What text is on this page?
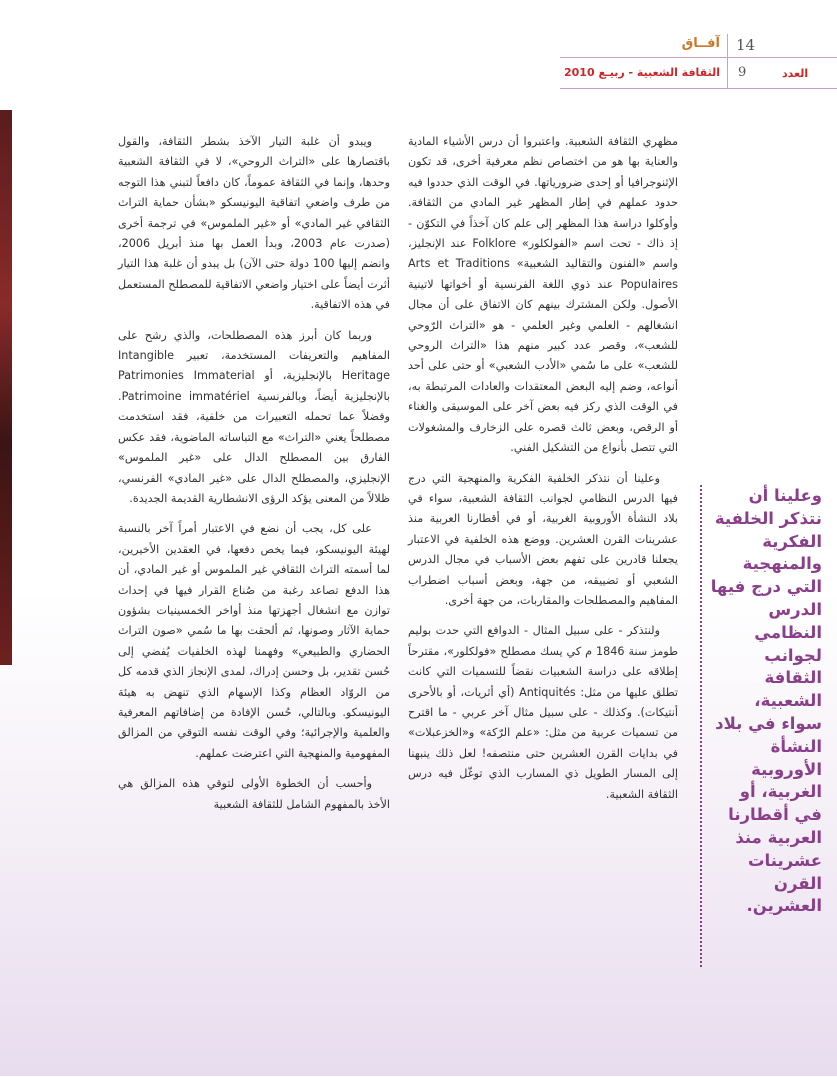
آفــاق 14
الثقافة الشعبية - ربيـع 2010 9	العدد

مظهري الثقافة الشعبية. واعتبروا أن درس الأشياء المادية والعناية بها هو من اختصاص نظم معرفية أخرى، قد تكون الإثنوجرافيا أو إحدى ضرورياتها. في الوقت الذي حددوا فيه حدود عملهم في إطار المظهر غير المادي من الثقافة. وأوكلوا دراسة هذا المظهر إلى علم كان آخذاً في التكوّن - إذ ذاك - تحت اسم «الفولكلور» Folklore عند الإنجليز، واسم «الفنون والتقاليد الشعبية» Arts et Traditions Populaires عند ذوي اللغة الفرنسية أو أخواتها لاتينية الأصول. ولكن المشترك بينهم كان الاتفاق على أن مجال انشغالهم - العلمي وغير العلمي - هو «التراث الرّوحي للشعب»، وقصر عدد كبير منهم هذا «التراث الروحي للشعب» على ما سُمي «الأدب الشعبي» أو حتى على أحد أنواعه، وضم إليه البعض المعتقدات والعادات المرتبطة به، في الوقت الذي ركز فيه بعض آخر على الموسيقى والغناء أو الرقص، وبعض ثالث قصره على الزخارف والمشغولات التي تتصل بأنواع من التشكيل الفني.

وعلينا أن نتذكر الخلفية الفكرية والمنهجية التي درج فيها الدرس النظامي لجوانب الثقافة الشعبية، سواء في بلاد النشأة الأوروبية الغربية، أو في أقطارنا العربية منذ عشرينات القرن العشرين. ووضع هذه الخلفية في الاعتبار يجعلنا قادرين على تفهم بعض الأسباب في مجال الدرس الشعبي أو تضييقه، من جهة، وبعض أسباب اضطراب المفاهيم والمصطلحات والمقاربات، من جهة أخرى.

ولنتذكر - على سبيل المثال - الدوافع التي حدت بوليم طومز سنة 1846 م كي يسك مصطلح «فولكلور»، مقترحاً إطلاقه على دراسة الشعبيات نقضاً للتسميات التي كانت تطلق عليها من مثل: Antiquités (أي أثريات، أو بالأحرى أنتيكات). وكذلك - على سبيل مثال آخر عربي - ما اقترح من تسميات عربية من مثل: «علم الرّكة» و«الخزعبلات» في بدايات القرن العشرين حتى منتصفه! لعل ذلك ينبهنا إلى المسار الطويل ذي المسارب الذي توغّل فيه درس الثقافة الشعبية.

ويبدو أن غلبة التيار الآخذ بشطر الثقافة، والقول باقتصارها على «التراث الروحي»، لا في الثقافة الشعبية وحدها، وإنما في الثقافة عموماً، كان دافعاً لتبني هذا التوجه من طرف واضعي اتفاقية اليونيسكو «بشأن حماية التراث الثقافي غير المادي» أو «غير الملموس» في ترجمة أخرى (صدرت عام 2003، وبدأ العمل بها منذ أبريل 2006، وانضم إليها 100 دولة حتى الآن) بل يبدو أن غلبة هذا التيار أثرت أيضاً على اختيار واضعي الاتفاقية للمصطلح المستعمل في هذه الاتفاقية.

وربما كان أبرز هذه المصطلحات، والذي رشح على المفاهيم والتعريفات المستخدمة، تعبير Intangible Heritage بالإنجليزية، أو Patrimonies Immaterial بالإنجليزية أيضاً، وبالفرنسية Patrimoine immatériel. وفضلاً عما تحمله التعبيرات من خلفية، فقد استخدمت مصطلحاً يعني «التراث» مع التباساته الماضوية، فقد عكس الفارق بين المصطلح الدال على «غير الملموس» الإنجليزي، والمصطلح الدال على «غير المادي» الفرنسي، ظلالاً من المعنى يؤكد الرؤى الانشطارية القديمة الجديدة.

على كل، يجب أن نضع في الاعتبار أمراً آخر بالنسبة لهيئة اليونيسكو، فيما يخص دفعها، في العقدين الأخيرين، لما أسمته التراث الثقافي غير الملموس أو غير المادي، أن هذا الدفع تصاعد رغبة من صُناع القرار فيها في إحداث توازن مع انشغال أجهزتها منذ أواخر الخمسينيات بشؤون حماية الآثار وصونها، ثم ألحقت بها ما سُمي «صون التراث الحضاري والطبيعي» وفهمنا لهذه الخلفيات يُفضي إلى حُسن تقدير، بل وحسن إدراك، لمدى الإنجاز الذي قدمه كل من الروّاد العظام وكذا الإسهام الذي تنهض به هيئة اليونيسكو. وبالتالي، حُسن الإفادة من إضافاتهم المعرفية والعلمية والإجرائية؛ وفي الوقت نفسه التوقي من المزالق المفهومية والمنهجية التي اعترضت عملهم.

وأحسب أن الخطوة الأولى لتوقي هذه المزالق هي الأخذ بالمفهوم الشامل للثقافة الشعبية

وعلينا أن نتذكر الخلفية الفكرية والمنهجية التي درج فيها الدرس النظامي لجوانب الثقافة الشعبية، سواء في بلاد النشأة الأوروبية الغربية، أو في أقطارنا العربية منذ عشرينات القرن العشرين.
